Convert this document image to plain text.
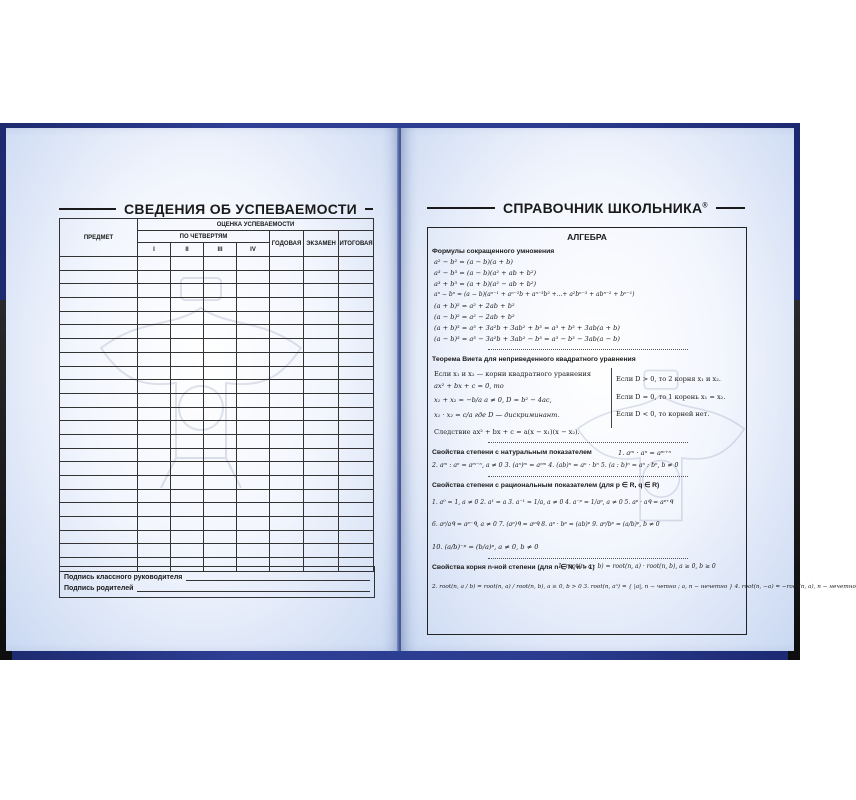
СВЕДЕНИЯ ОБ УСПЕВАЕМОСТИ
ПРЕДМЕТ	ОЦЕНКА УСПЕВАЕМОСТИ						
	ПО ЧЕТВЕРТЯМ				ГОДОВАЯ	ЭКЗАМЕН	ИТОГОВАЯ
	I	II	III	IV			

Подпись классного руководителя
Подпись родителей
СПРАВОЧНИК ШКОЛЬНИКА®
АЛГЕБРА
Формулы сокращенного умножения
a² − b² = (a − b)(a + b)
a³ − b³ = (a − b)(a² + ab + b²)
a³ + b³ = (a + b)(a² − ab + b²)
aⁿ − bⁿ = (a − b)(aⁿ⁻¹ + aⁿ⁻²b + aⁿ⁻³b² +...+ a²bⁿ⁻³ + abⁿ⁻² + bⁿ⁻¹)
(a + b)² = a² + 2ab + b²
(a − b)² = a² − 2ab + b²
(a + b)³ = a³ + 3a²b + 3ab² + b³ = a³ + b³ + 3ab(a + b)
(a − b)³ = a³ − 3a²b + 3ab² − b³ = a³ − b³ − 3ab(a − b)
Теорема Виета для неприведенного квадратного уравнения
Если x₁ и x₂ — корни квадратного уравнения
ax² + bx + c = 0, то
x₁ + x₂ = −b/a a ≠ 0, D = b² − 4ac,
x₁ · x₂ = c/a где D — дискриминант.
Следствие ax² + bx + c = a(x − x₁)(x − x₂).
Если D > 0, то 2 корня x₁ и x₂.
Если D = 0, то 1 корень x₁ = x₂.
Если D < 0, то корней нет.
Свойства степени с натуральным показателем	1. aᵐ · aⁿ = aᵐ⁺ⁿ
2. aᵐ : aⁿ = aᵐ⁻ⁿ, a ≠ 0 3. (aⁿ)ᵐ = aⁿᵐ 4. (ab)ⁿ = aⁿ · bⁿ 5. (a : b)ⁿ = aⁿ : bⁿ, b ≠ 0
Свойства степени с рациональным показателем (для p ∈ R, q ∈ R)
1. a⁰ = 1, a ≠ 0 2. a¹ = a 3. a⁻¹ = 1/a, a ≠ 0 4. a⁻ᵖ = 1/aᵖ, a ≠ 0 5. aᵖ · aᑫ = aᵖ⁺ᑫ
6. aᵖ/aᑫ = aᵖ⁻ᑫ, a ≠ 0 7. (aᵖ)ᑫ = aᵖᑫ 8. aᵖ · bᵖ = (ab)ᵖ 9. aᵖ/bᵖ = (a/b)ᵖ, b ≠ 0
10. (a/b)⁻ᵖ = (b/a)ᵖ, a ≠ 0, b ≠ 0
Свойства корня n-ной степени (для n ∈ N, n > 1)
1. root(n, a · b) = root(n, a) · root(n, b), a ≥ 0, b ≥ 0
2. root(n, a / b) = root(n, a) / root(n, b), a ≥ 0, b > 0 3. root(n, aⁿ) = { |a|, n − четно ; a, n − нечетно } 4. root(n, −a) = −root(n, a), n − нечетно
